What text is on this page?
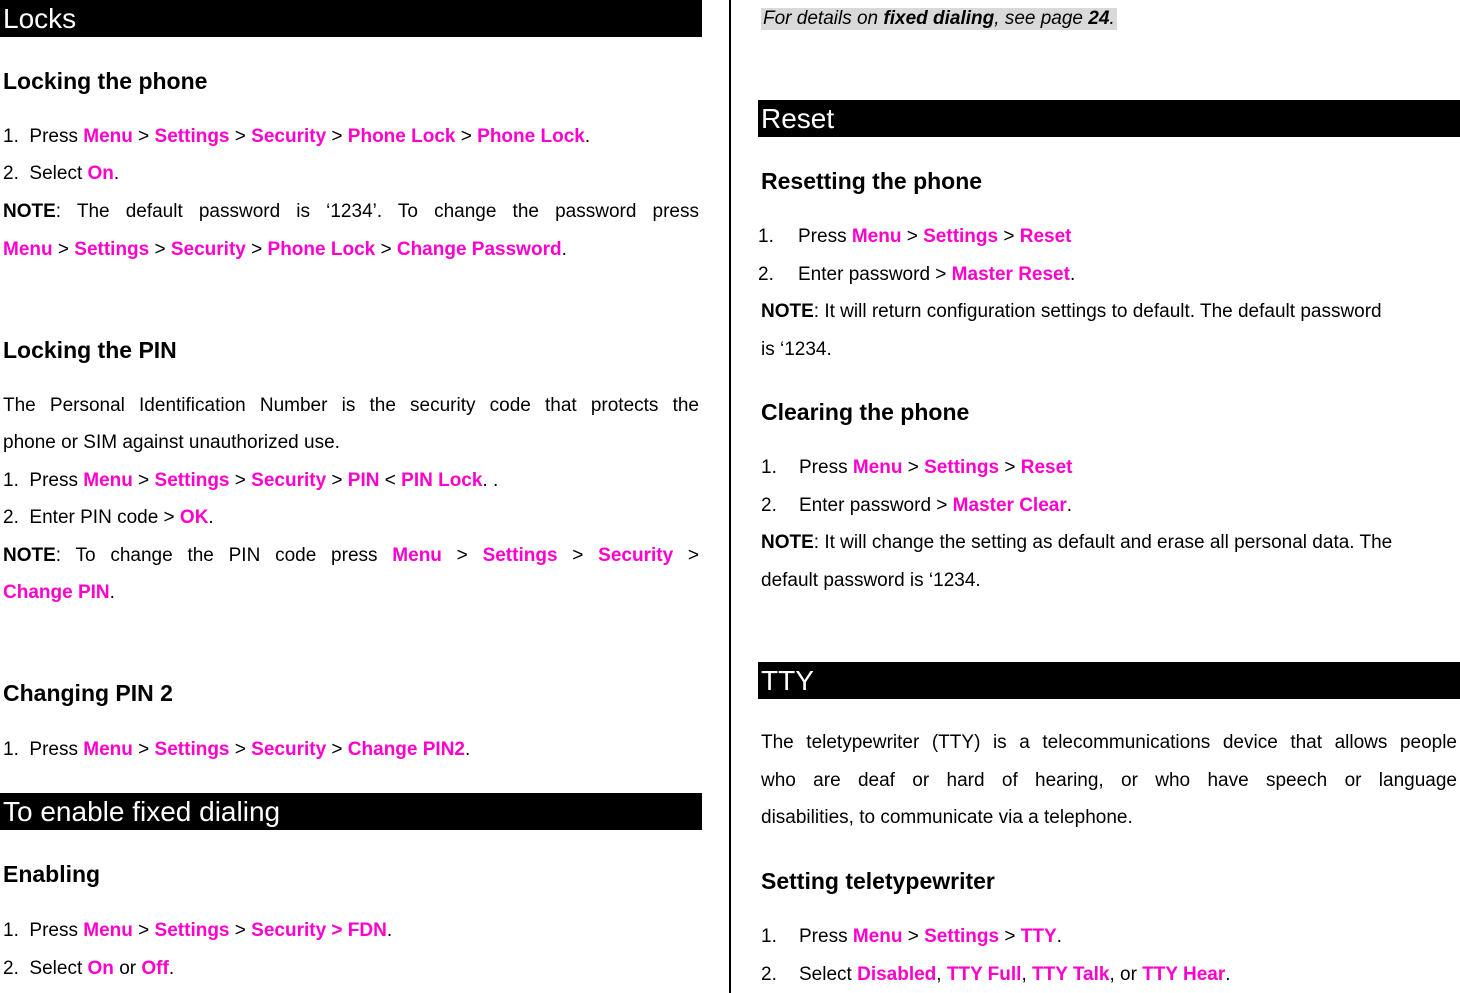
Locks
Locking the phone
1. Press Menu > Settings > Security > Phone Lock > Phone Lock.
2. Select On.
NOTE: The default password is ‘1234’. To change the password press
Menu > Settings > Security > Phone Lock > Change Password.
Locking the PIN
The Personal Identification Number is the security code that protects the
phone or SIM against unauthorized use.
1. Press Menu > Settings > Security > PIN < PIN Lock. .
2. Enter PIN code > OK.
NOTE: To change the PIN code press Menu > Settings > Security >
Change PIN.
Changing PIN 2
1. Press Menu > Settings > Security > Change PIN2.
To enable fixed dialing
Enabling
1. Press Menu > Settings > Security > FDN.
2. Select On or Off.
For details on fixed dialing, see page 24.
Reset
Resetting the phone
1. Press Menu > Settings > Reset
2. Enter password > Master Reset.
NOTE: It will return configuration settings to default. The default password
is ‘1234.
Clearing the phone
1. Press Menu > Settings > Reset
2. Enter password > Master Clear.
NOTE: It will change the setting as default and erase all personal data. The
default password is ‘1234.
TTY
The teletypewriter (TTY) is a telecommunications device that allows people
who are deaf or hard of hearing, or who have speech or language
disabilities, to communicate via a telephone.
Setting teletypewriter
1. Press Menu > Settings > TTY.
2. Select Disabled, TTY Full, TTY Talk, or TTY Hear.
